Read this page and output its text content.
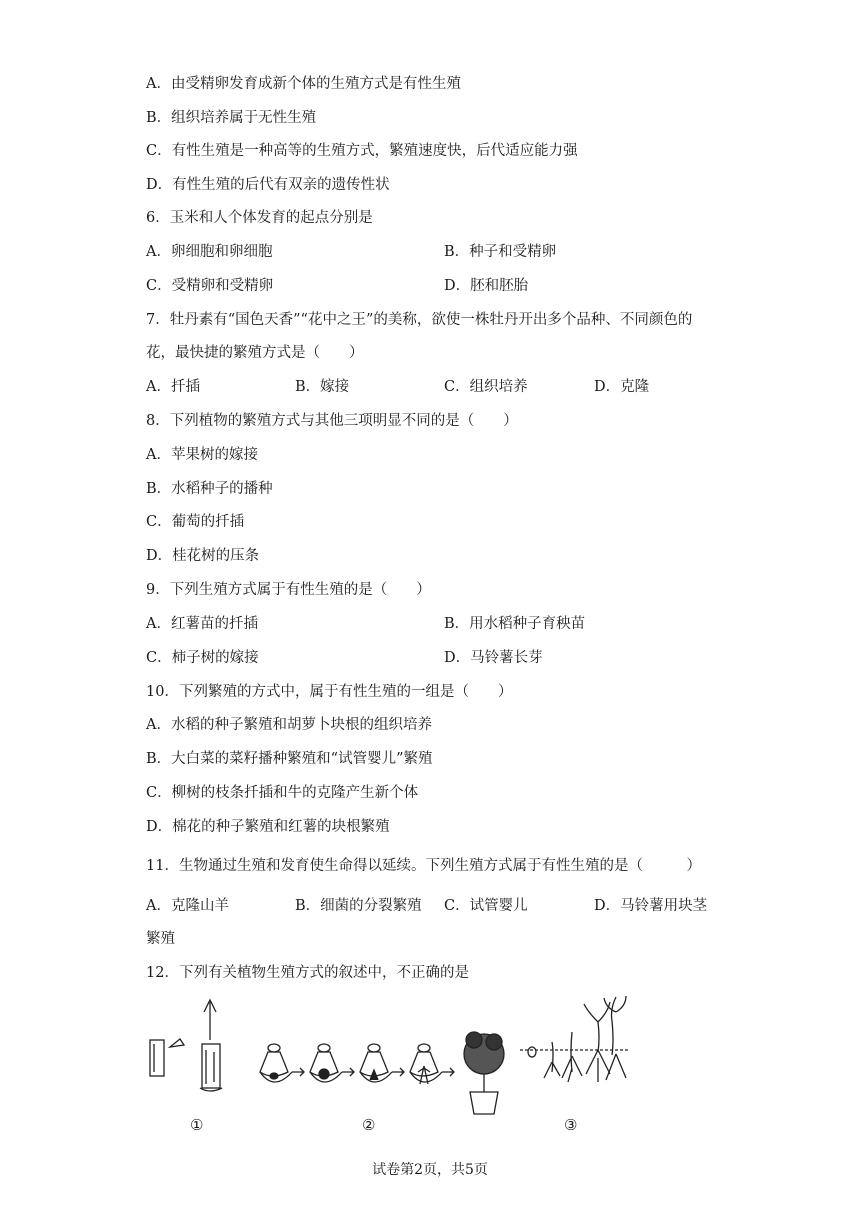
A．由受精卵发育成新个体的生殖方式是有性生殖
B．组织培养属于无性生殖
C．有性生殖是一种高等的生殖方式，繁殖速度快，后代适应能力强
D．有性生殖的后代有双亲的遗传性状
6．玉米和人个体发育的起点分别是
A．卵细胞和卵细胞	B．种子和受精卵
C．受精卵和受精卵	D．胚和胚胎
7．牡丹素有“国色天香”“花中之王”的美称，欲使一株牡丹开出多个品种、不同颜色的
花，最快捷的繁殖方式是（　　）
A．扦插	B．嫁接	C．组织培养	D．克隆
8．下列植物的繁殖方式与其他三项明显不同的是（　　）
A．苹果树的嫁接
B．水稻种子的播种
C．葡萄的扦插
D．桂花树的压条
9．下列生殖方式属于有性生殖的是（　　）
A．红薯苗的扦插	B．用水稻种子育秧苗
C．柿子树的嫁接	D．马铃薯长芽
10．下列繁殖的方式中，属于有性生殖的一组是（　　）
A．水稻的种子繁殖和胡萝卜块根的组织培养
B．大白菜的菜籽播种繁殖和“试管婴儿”繁殖
C．柳树的枝条扦插和牛的克隆产生新个体
D．棉花的种子繁殖和红薯的块根繁殖
11．生物通过生殖和发育使生命得以延续。下列生殖方式属于有性生殖的是（　　　）
A．克隆山羊	B．细菌的分裂繁殖 C．试管婴儿	D．马铃薯用块茎
繁殖
12．下列有关植物生殖方式的叙述中，不正确的是
①	②	③
试卷第2页，共5页
